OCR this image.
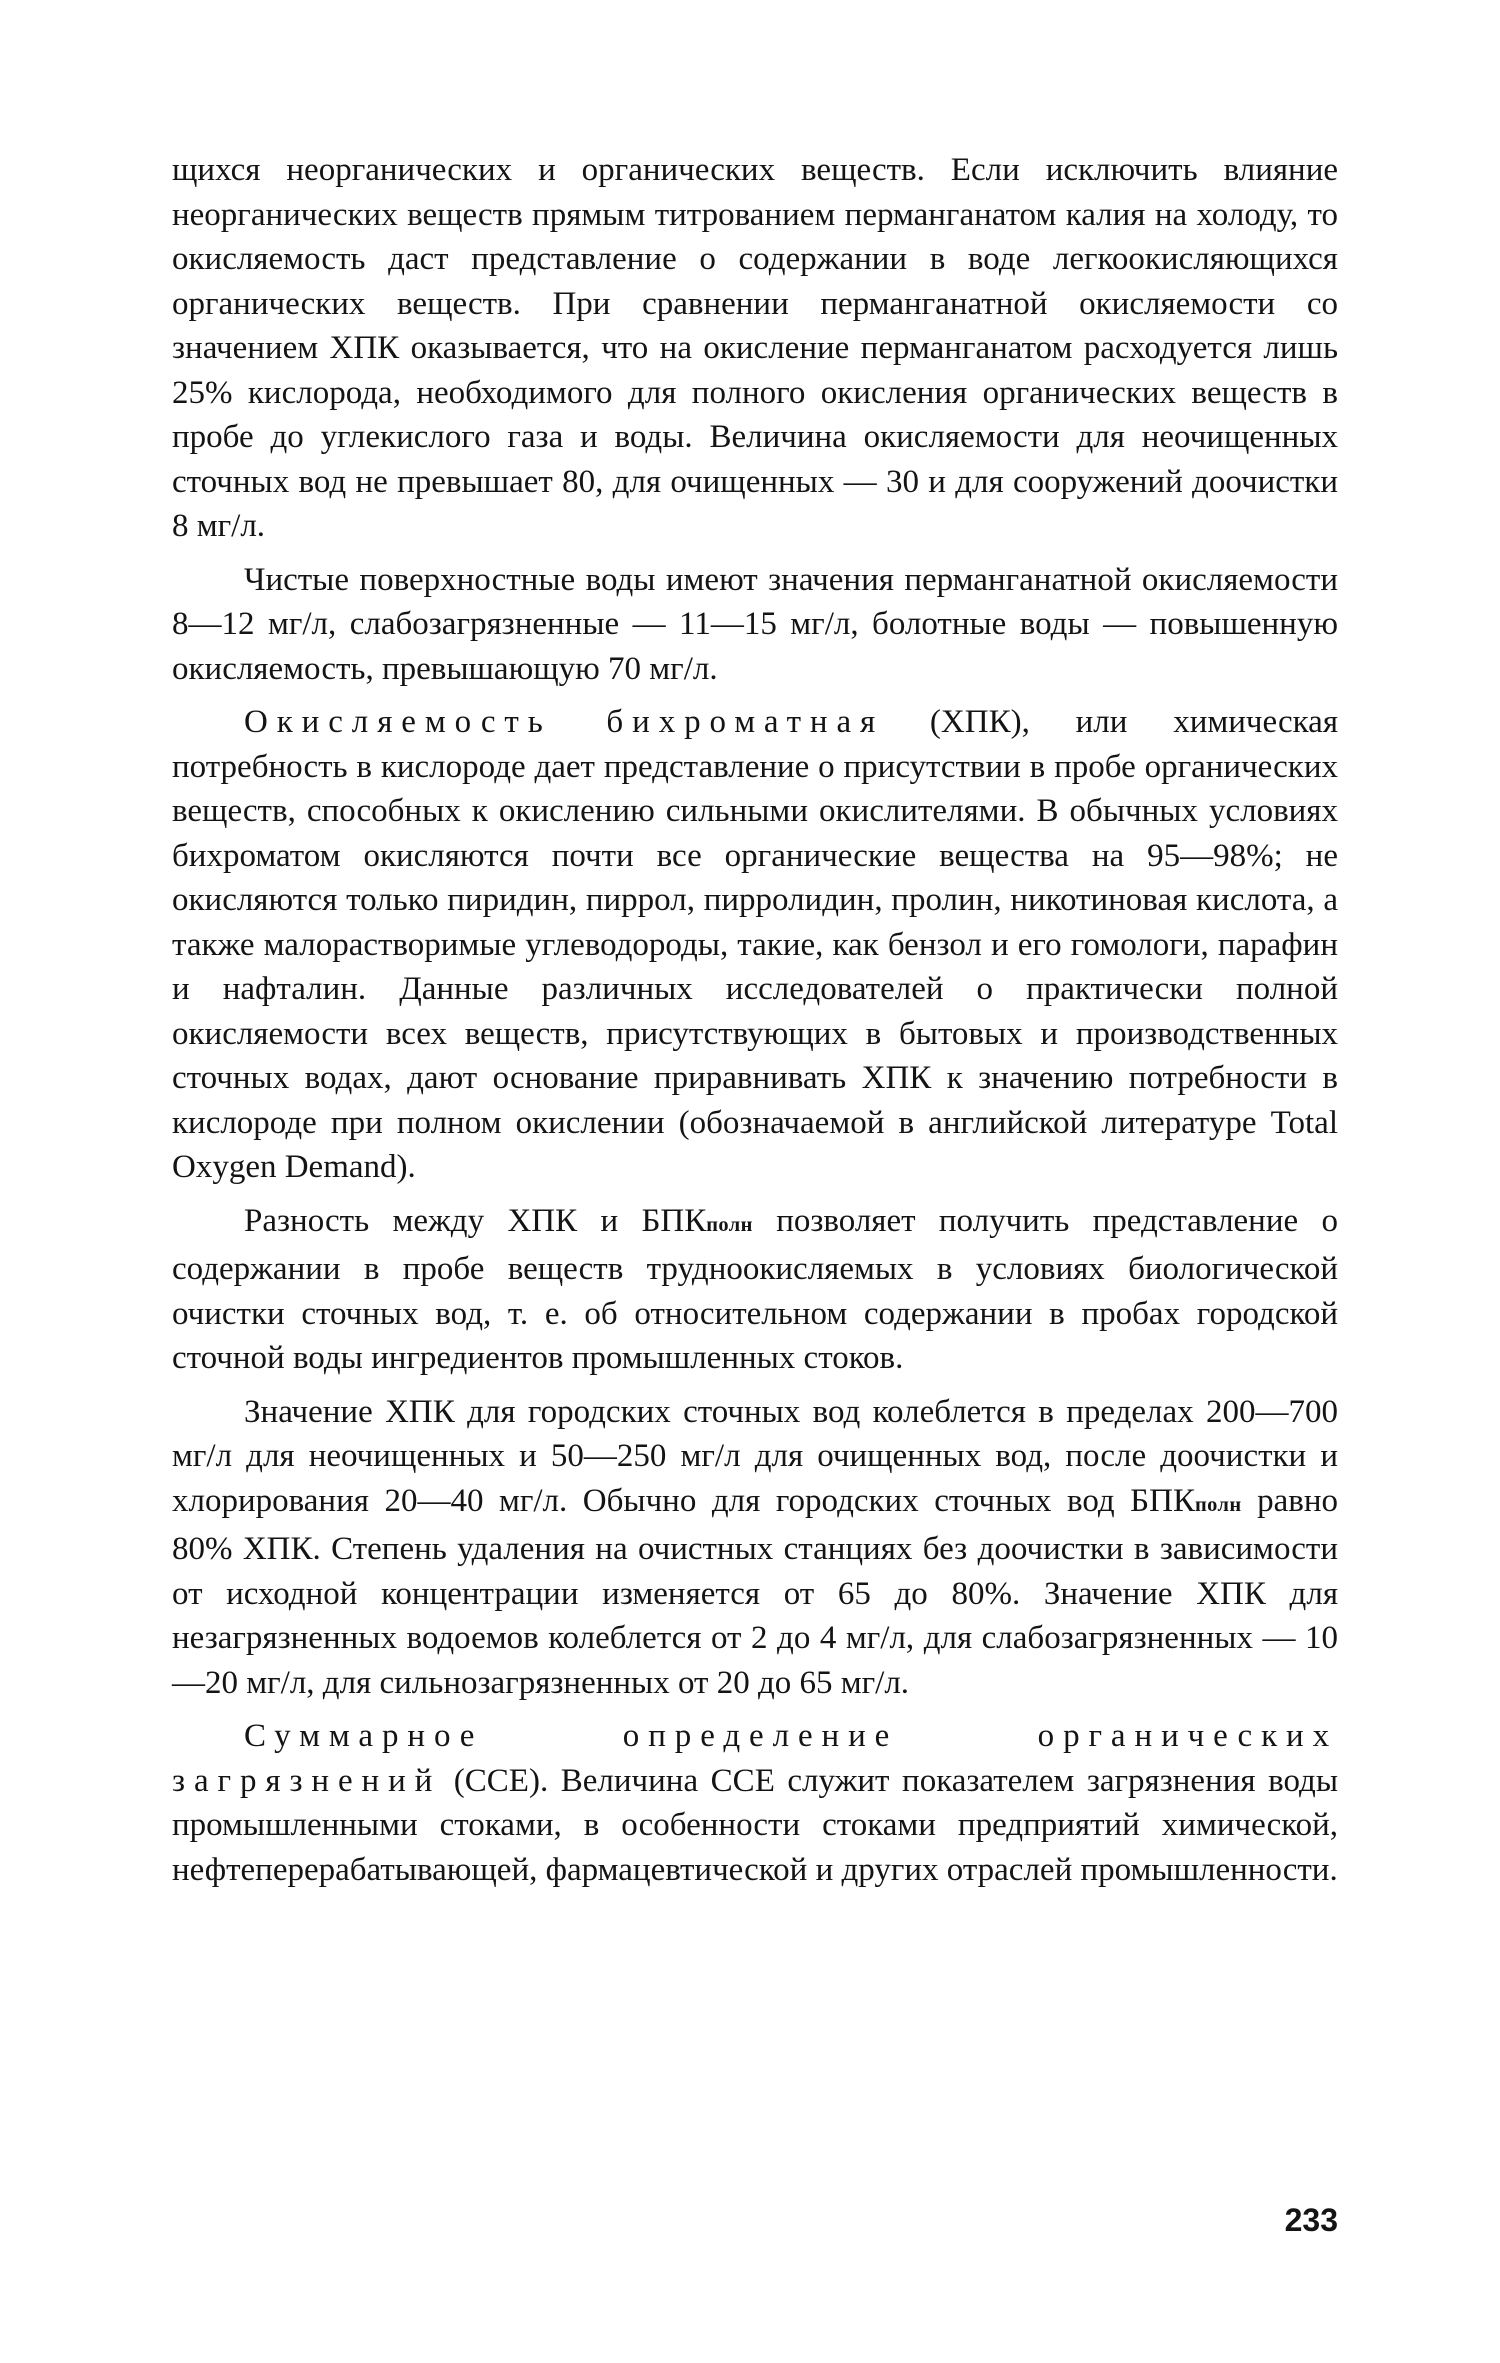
щихся неорганических и органических веществ. Если исключить влияние неорганических веществ прямым титрованием перманганатом калия на холоду, то окисляемость даст представление о содержании в воде легкоокисляющихся органических веществ. При сравнении перманганатной окисляемости со значением ХПК оказывается, что на окисление перманганатом расходуется лишь 25% кислорода, необходимого для полного окисления органических веществ в пробе до углекислого газа и воды. Величина окисляемости для неочищенных сточных вод не превышает 80, для очищенных — 30 и для сооружений доочистки 8 мг/л.

Чистые поверхностные воды имеют значения перманганатной окисляемости 8—12 мг/л, слабозагрязненные — 11—15 мг/л, болотные воды — повышенную окисляемость, превышающую 70 мг/л.

Окисляемость бихроматная (ХПК), или химическая потребность в кислороде дает представление о присутствии в пробе органических веществ, способных к окислению сильными окислителями. В обычных условиях бихроматом окисляются почти все органические вещества на 95—98%; не окисляются только пиридин, пиррол, пирролидин, пролин, никотиновая кислота, а также малорастворимые углеводороды, такие, как бензол и его гомологи, парафин и нафталин. Данные различных исследователей о практически полной окисляемости всех веществ, присутствующих в бытовых и производственных сточных водах, дают основание приравнивать ХПК к значению потребности в кислороде при полном окислении (обозначаемой в английской литературе Total Oxygen Demand).

Разность между ХПК и БПКполн позволяет получить представление о содержании в пробе веществ трудноокисляемых в условиях биологической очистки сточных вод, т. е. об относительном содержании в пробах городской сточной воды ингредиентов промышленных стоков.

Значение ХПК для городских сточных вод колеблется в пределах 200—700 мг/л для неочищенных и 50—250 мг/л для очищенных вод, после доочистки и хлорирования 20—40 мг/л. Обычно для городских сточных вод БПКполн равно 80% ХПК. Степень удаления на очистных станциях без доочистки в зависимости от исходной концентрации изменяется от 65 до 80%. Значение ХПК для незагрязненных водоемов колеблется от 2 до 4 мг/л, для слабозагрязненных — 10—20 мг/л, для сильнозагрязненных от 20 до 65 мг/л.

Суммарное определение органических загрязнений (ССЕ). Величина ССЕ служит показателем загрязнения воды промышленными стоками, в особенности стоками предприятий химической, нефтеперерабатывающей, фармацевтической и других отраслей промышленности.

233
